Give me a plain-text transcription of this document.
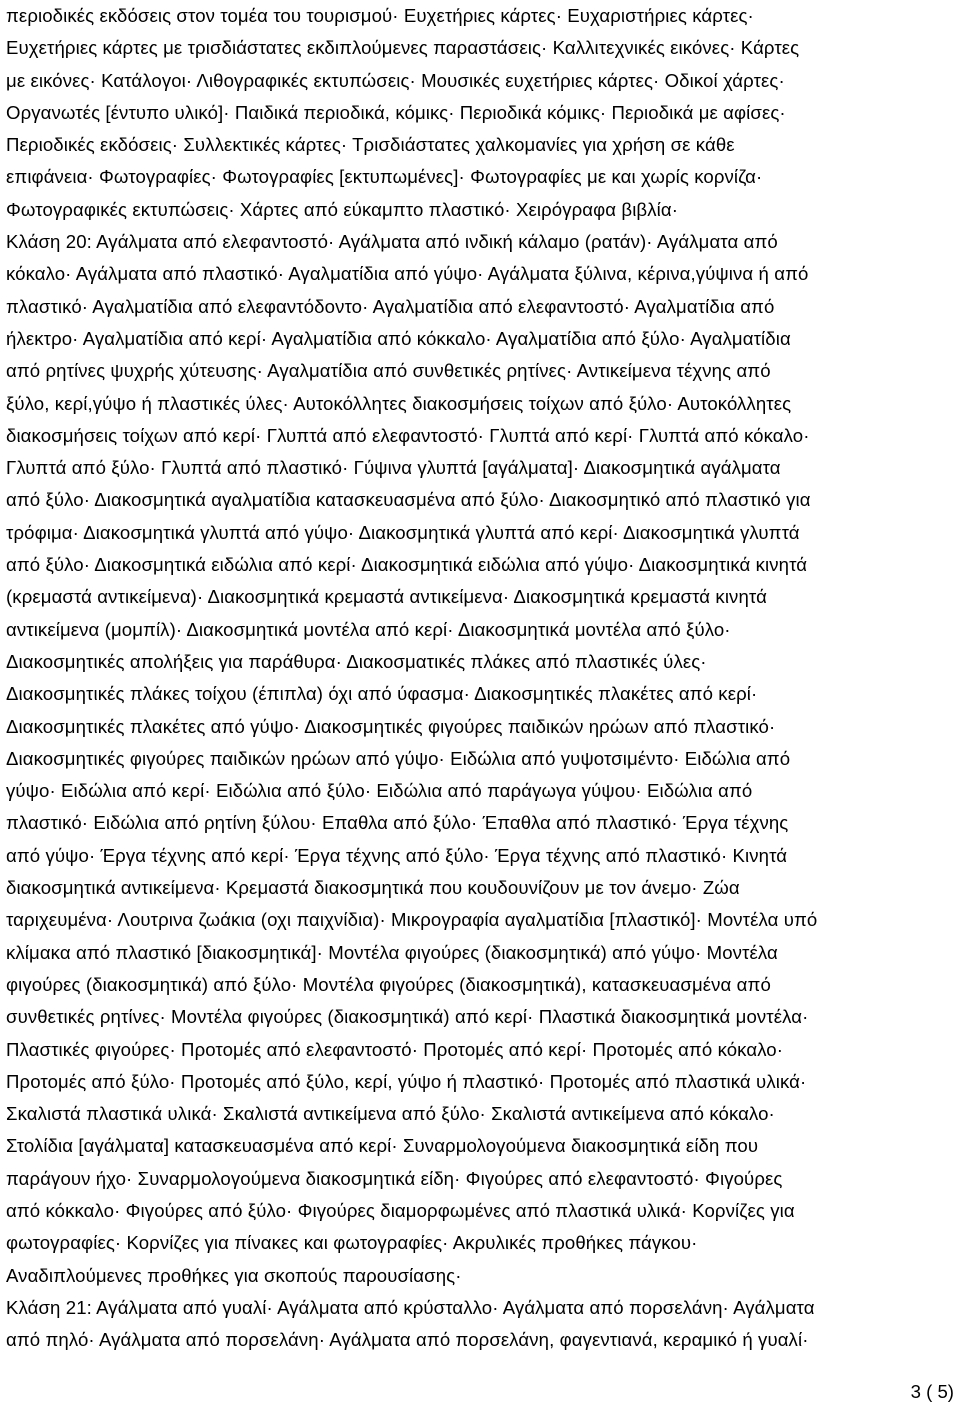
περιοδικές εκδόσεις στον τομέα του τουρισμού· Ευχετήριες κάρτες· Ευχαριστήριες κάρτες·
Ευχετήριες κάρτες με τρισδιάστατες εκδιπλούμενες παραστάσεις· Καλλιτεχνικές εικόνες· Κάρτες
με εικόνες· Κατάλογοι· Λιθογραφικές εκτυπώσεις· Μουσικές ευχετήριες κάρτες· Οδικοί χάρτες·
Οργανωτές [έντυπο υλικό]· Παιδικά περιοδικά, κόμικς· Περιοδικά κόμικς· Περιοδικά με αφίσες·
Περιοδικές εκδόσεις· Συλλεκτικές κάρτες· Τρισδιάστατες χαλκομανίες για χρήση σε κάθε
επιφάνεια· Φωτογραφίες· Φωτογραφίες [εκτυπωμένες]· Φωτογραφίες με και χωρίς κορνίζα·
Φωτογραφικές εκτυπώσεις· Χάρτες από εύκαμπτο πλαστικό· Χειρόγραφα βιβλία·
Κλάση 20: Αγάλματα από ελεφαντοστό· Αγάλματα από ινδική κάλαμο (ρατάν)· Αγάλματα από
κόκαλο· Αγάλματα από πλαστικό· Αγαλματίδια από γύψο· Αγάλματα ξύλινα, κέρινα,γύψινα ή από
πλαστικό· Αγαλματίδια από ελεφαντόδοντο· Αγαλματίδια από ελεφαντοστό· Αγαλματίδια από
ήλεκτρο· Αγαλματίδια από κερί· Αγαλματίδια από κόκκαλο· Αγαλματίδια από ξύλο· Αγαλματίδια
από ρητίνες ψυχρής χύτευσης· Αγαλματίδια από συνθετικές ρητίνες· Αντικείμενα τέχνης από
ξύλο, κερί,γύψο ή πλαστικές ύλες· Αυτοκόλλητες διακοσμήσεις τοίχων από ξύλο· Αυτοκόλλητες
διακοσμήσεις τοίχων από κερί· Γλυπτά από ελεφαντοστό· Γλυπτά από κερί· Γλυπτά από κόκαλο·
Γλυπτά από ξύλο· Γλυπτά από πλαστικό· Γύψινα γλυπτά [αγάλματα]· Διακοσμητικά αγάλματα
από ξύλο· Διακοσμητικά αγαλματίδια κατασκευασμένα από ξύλο· Διακοσμητικό από πλαστικό για
τρόφιμα· Διακοσμητικά γλυπτά από γύψο· Διακοσμητικά γλυπτά από κερί· Διακοσμητικά γλυπτά
από ξύλο· Διακοσμητικά ειδώλια από κερί· Διακοσμητικά ειδώλια από γύψο· Διακοσμητικά κινητά
(κρεμαστά αντικείμενα)· Διακοσμητικά κρεμαστά αντικείμενα· Διακοσμητικά κρεμαστά κινητά
αντικείμενα (μομπίλ)· Διακοσμητικά μοντέλα από κερί· Διακοσμητικά μοντέλα από ξύλο·
Διακοσμητικές απολήξεις για παράθυρα· Διακοσματικές πλάκες από πλαστικές ύλες·
Διακοσμητικές πλάκες τοίχου (έπιπλα) όχι από ύφασμα· Διακοσμητικές πλακέτες από κερί·
Διακοσμητικές πλακέτες από γύψο· Διακοσμητικές φιγούρες παιδικών ηρώων από πλαστικό·
Διακοσμητικές φιγούρες παιδικών ηρώων από γύψο· Ειδώλια από γυψοτσιμέντο· Ειδώλια από
γύψο· Ειδώλια από κερί· Ειδώλια από ξύλο· Ειδώλια από παράγωγα γύψου· Ειδώλια από
πλαστικό· Ειδώλια από ρητίνη ξύλου· Επαθλα από ξύλο· Έπαθλα από πλαστικό· Έργα τέχνης
από γύψο· Έργα τέχνης από κερί· Έργα τέχνης από ξύλο· Έργα τέχνης από πλαστικό· Κινητά
διακοσμητικά αντικείμενα· Κρεμαστά διακοσμητικά που κουδουνίζουν με τον άνεμο· Ζώα
ταριχευμένα· Λουτρινα ζωάκια (οχι παιχνίδια)· Μικρογραφία αγαλματίδια [πλαστικό]· Μοντέλα υπό
κλίμακα από πλαστικό [διακοσμητικά]· Μοντέλα φιγούρες (διακοσμητικά) από γύψο· Μοντέλα
φιγούρες (διακοσμητικά) από ξύλο· Μοντέλα φιγούρες (διακοσμητικά), κατασκευασμένα από
συνθετικές ρητίνες· Μοντέλα φιγούρες (διακοσμητικά) από κερί· Πλαστικά διακοσμητικά μοντέλα·
Πλαστικές φιγούρες· Προτομές από ελεφαντοστό· Προτομές από κερί· Προτομές από κόκαλο·
Προτομές από ξύλο· Προτομές από ξύλο, κερί, γύψο ή πλαστικό· Προτομές από πλαστικά υλικά·
Σκαλιστά πλαστικά υλικά· Σκαλιστά αντικείμενα από ξύλο· Σκαλιστά αντικείμενα από κόκαλο·
Στολίδια [αγάλματα] κατασκευασμένα από κερί· Συναρμολογούμενα διακοσμητικά είδη που
παράγουν ήχο· Συναρμολογούμενα διακοσμητικά είδη· Φιγούρες από ελεφαντοστό· Φιγούρες
από κόκκαλο· Φιγούρες από ξύλο· Φιγούρες διαμορφωμένες από πλαστικά υλικά· Κορνίζες για
φωτογραφίες· Κορνίζες για πίνακες και φωτογραφίες· Ακρυλικές προθήκες πάγκου·
Αναδιπλούμενες προθήκες για σκοπούς παρουσίασης·
Κλάση 21: Αγάλματα από γυαλί· Αγάλματα από κρύσταλλο· Αγάλματα από πορσελάνη· Αγάλματα
από πηλό· Αγάλματα από πορσελάνη· Αγάλματα από πορσελάνη, φαγεντιανά, κεραμικό ή γυαλί·
3 ( 5)
